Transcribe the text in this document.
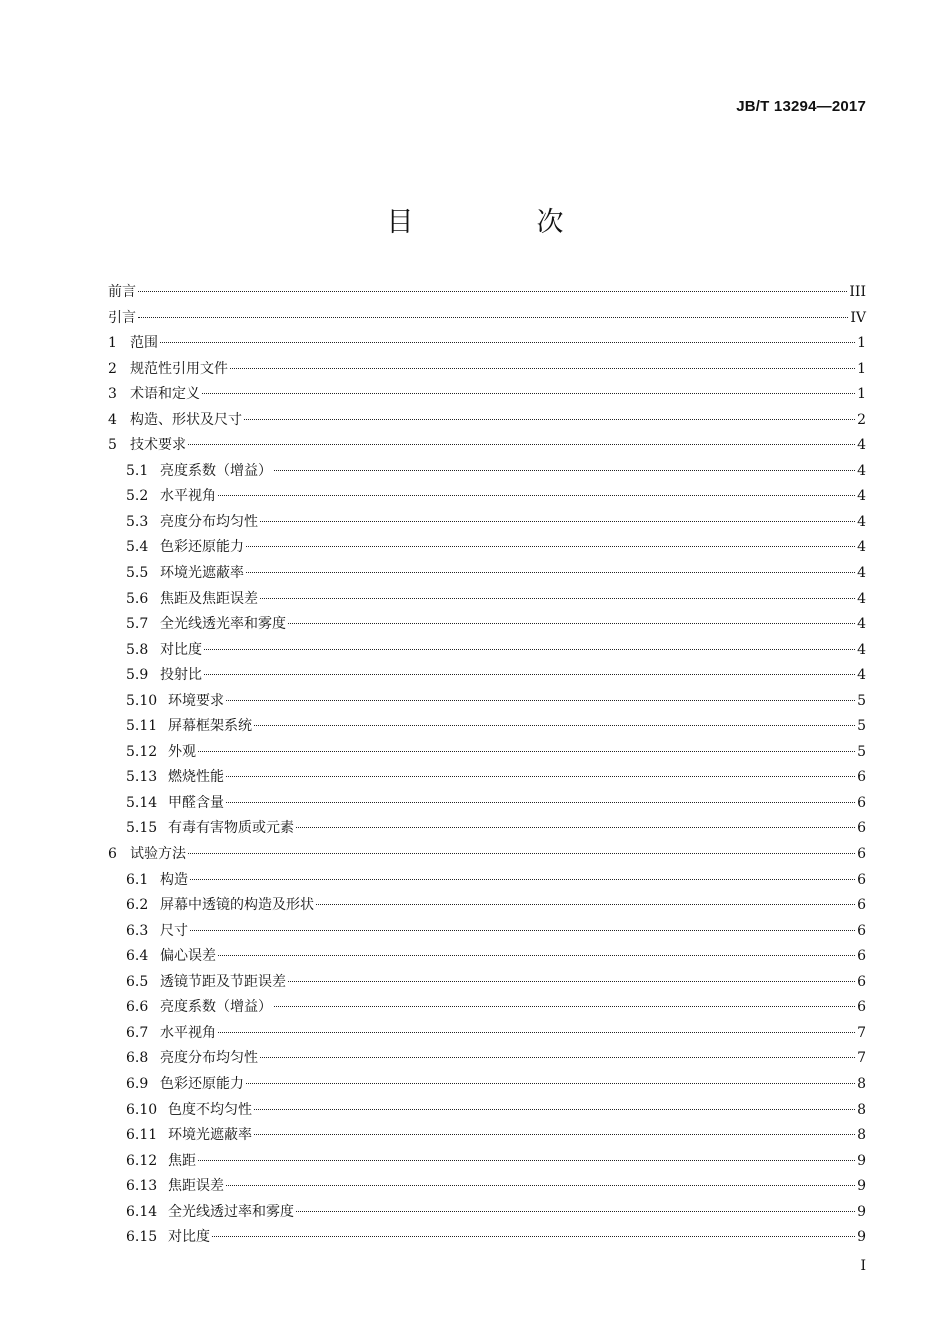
JB/T 13294—2017
目　次
前言	III
引言	IV
1 范围	1
2 规范性引用文件	1
3 术语和定义	1
4 构造、形状及尺寸	2
5 技术要求	4
5.1 亮度系数（增益）	4
5.2 水平视角	4
5.3 亮度分布均匀性	4
5.4 色彩还原能力	4
5.5 环境光遮蔽率	4
5.6 焦距及焦距误差	4
5.7 全光线透光率和雾度	4
5.8 对比度	4
5.9 投射比	4
5.10 环境要求	5
5.11 屏幕框架系统	5
5.12 外观	5
5.13 燃烧性能	6
5.14 甲醛含量	6
5.15 有毒有害物质或元素	6
6 试验方法	6
6.1 构造	6
6.2 屏幕中透镜的构造及形状	6
6.3 尺寸	6
6.4 偏心误差	6
6.5 透镜节距及节距误差	6
6.6 亮度系数（增益）	6
6.7 水平视角	7
6.8 亮度分布均匀性	7
6.9 色彩还原能力	8
6.10 色度不均匀性	8
6.11 环境光遮蔽率	8
6.12 焦距	9
6.13 焦距误差	9
6.14 全光线透过率和雾度	9
6.15 对比度	9
I
